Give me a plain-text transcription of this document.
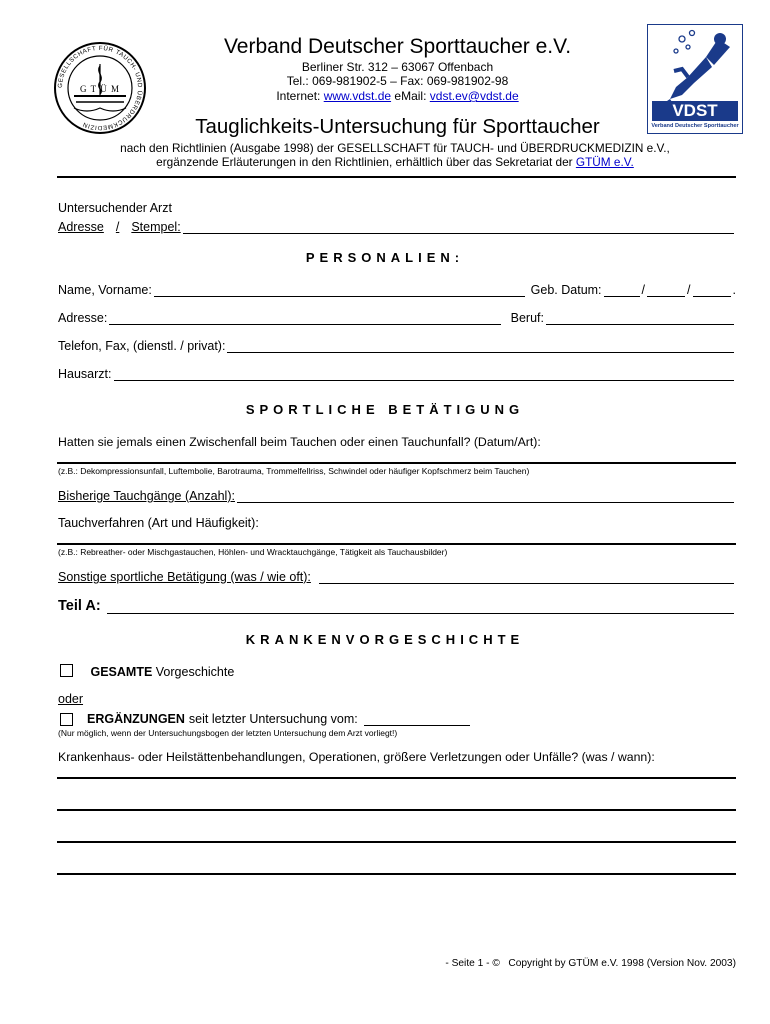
GESELLSCHAFT FÜR TAUCH- UND ÜBERDRUCKMEDIZIN
G T Ü M
VDST
Verband Deutscher Sporttaucher
Verband Deutscher Sporttaucher e.V.
Berliner Str. 312 – 63067 Offenbach
Tel.: 069-981902-5 – Fax: 069-981902-98
Internet: www.vdst.de eMail: vdst.ev@vdst.de
Tauglichkeits-Untersuchung für Sporttaucher
nach den Richtlinien (Ausgabe 1998) der GESELLSCHAFT für TAUCH- und ÜBERDRUCKMEDIZIN e.V.,
ergänzende Erläuterungen in den Richtlinien, erhältlich über das Sekretariat der GTÜM e.V.
Untersuchender Arzt
Adresse / Stempel:
PERSONALIEN:
Name, Vorname:	Geb. Datum:	/	/	.
Adresse:	Beruf:
Telefon, Fax, (dienstl. / privat):
Hausarzt:
SPORTLICHE BETÄTIGUNG
Hatten sie jemals einen Zwischenfall beim Tauchen oder einen Tauchunfall? (Datum/Art):
(z.B.: Dekompressionsunfall, Luftembolie, Barotrauma, Trommelfellriss, Schwindel oder häufiger Kopfschmerz beim Tauchen)
Bisherige Tauchgänge (Anzahl):
Tauchverfahren (Art und Häufigkeit):
(z.B.: Rebreather- oder Mischgastauchen, Höhlen- und Wracktauchgänge, Tätigkeit als Tauchausbilder)
Sonstige sportliche Betätigung (was / wie oft):
Teil A:
KRANKENVORGESCHICHTE
GESAMTE Vorgeschichte
oder
ERGÄNZUNGEN seit letzter Untersuchung vom:
(Nur möglich, wenn der Untersuchungsbogen der letzten Untersuchung dem Arzt vorliegt!)
Krankenhaus- oder Heilstättenbehandlungen, Operationen, größere Verletzungen oder Unfälle? (was / wann):
- Seite 1 - ©   Copyright by GTÜM e.V. 1998 (Version Nov. 2003)
